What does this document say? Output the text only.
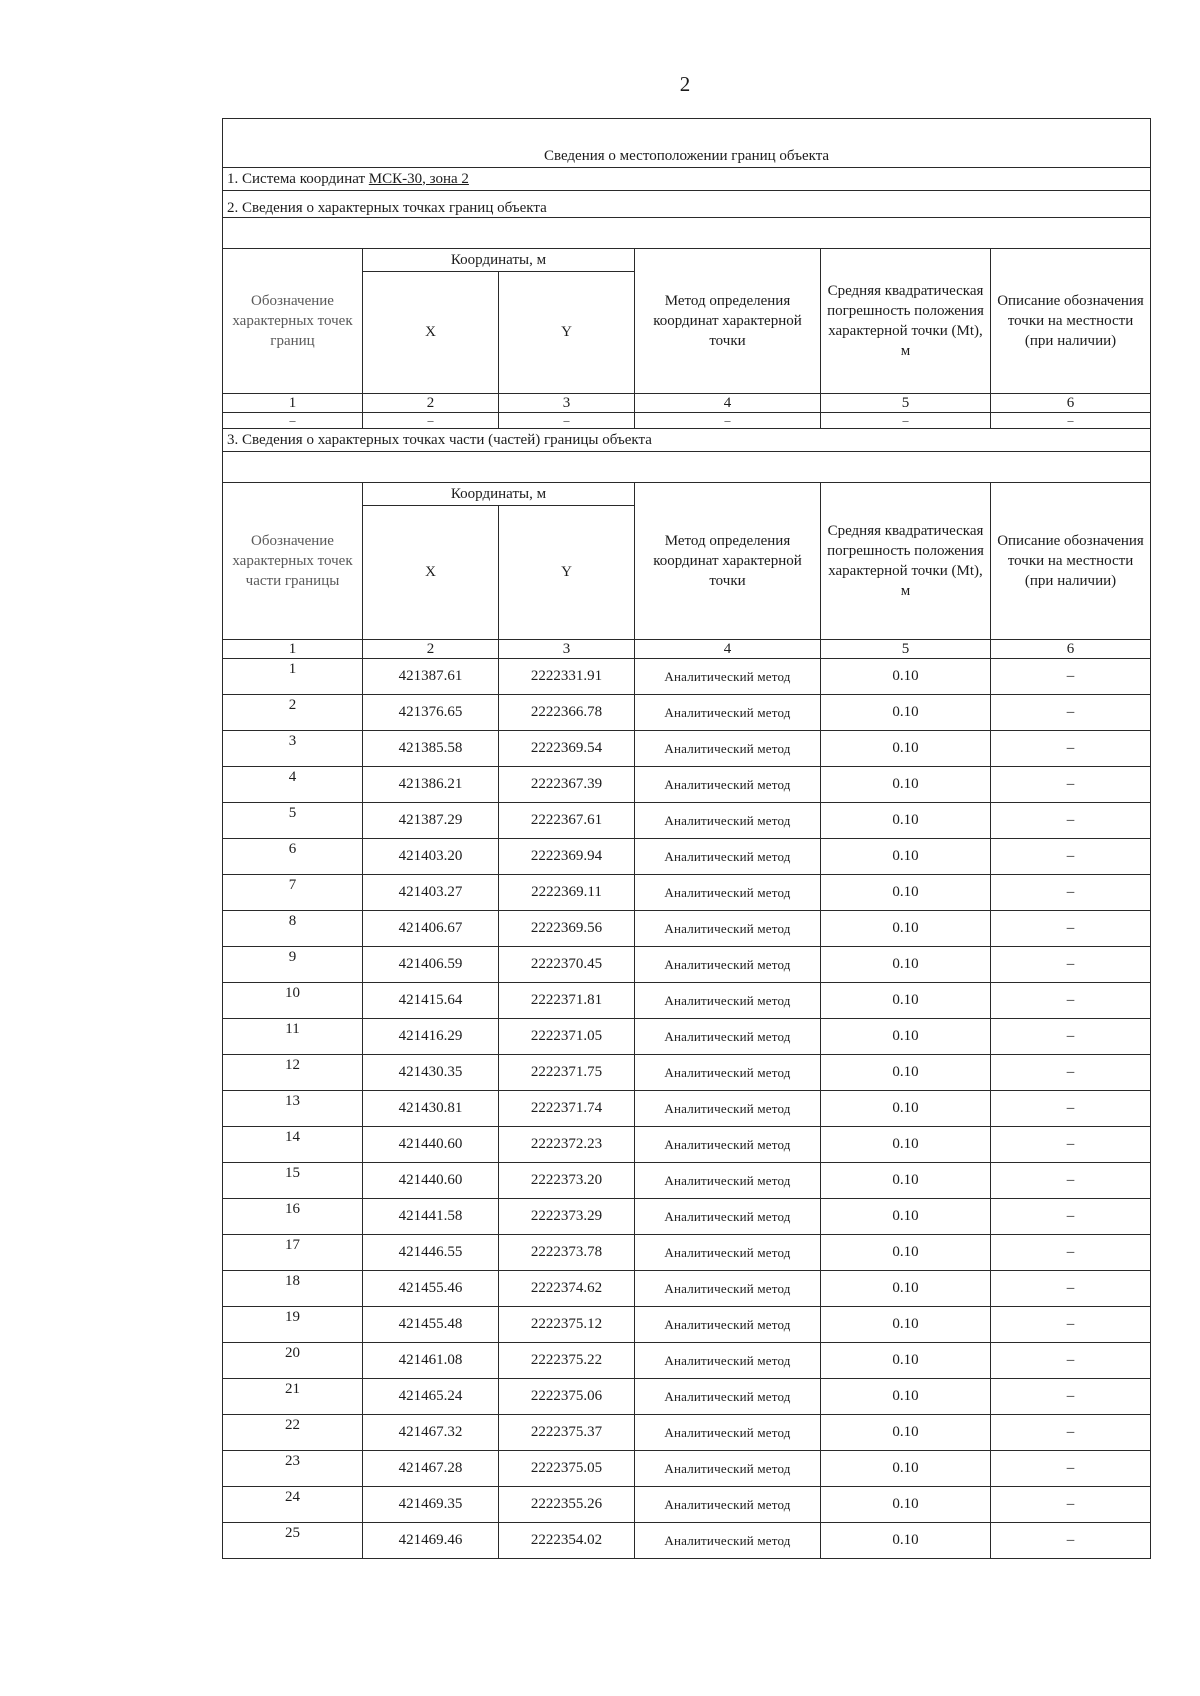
2
Сведения о местоположении границ объекта					
1. Система координат МСК-30, зона 2					
2. Сведения о характерных точках границ объекта					

Обозначение характерных точек границ	Координаты, м		Метод определения координат характерной точки	Средняя квадратическая погрешность положения характерной точки (Mt), м	Описание обозначения точки на местности (при наличии)
	X	Y			
1	2	3	4	5	6
–	–	–	–	–	–
3. Сведения о характерных точках части (частей) границы объекта					

Обозначение характерных точек части границы	Координаты, м		Метод определения координат характерной точки	Средняя квадратическая погрешность положения характерной точки (Mt), м	Описание обозначения точки на местности (при наличии)
	X	Y			
1	2	3	4	5	6
1	421387.61	2222331.91	Аналитический метод	0.10	–
2	421376.65	2222366.78	Аналитический метод	0.10	–
3	421385.58	2222369.54	Аналитический метод	0.10	–
4	421386.21	2222367.39	Аналитический метод	0.10	–
5	421387.29	2222367.61	Аналитический метод	0.10	–
6	421403.20	2222369.94	Аналитический метод	0.10	–
7	421403.27	2222369.11	Аналитический метод	0.10	–
8	421406.67	2222369.56	Аналитический метод	0.10	–
9	421406.59	2222370.45	Аналитический метод	0.10	–
10	421415.64	2222371.81	Аналитический метод	0.10	–
11	421416.29	2222371.05	Аналитический метод	0.10	–
12	421430.35	2222371.75	Аналитический метод	0.10	–
13	421430.81	2222371.74	Аналитический метод	0.10	–
14	421440.60	2222372.23	Аналитический метод	0.10	–
15	421440.60	2222373.20	Аналитический метод	0.10	–
16	421441.58	2222373.29	Аналитический метод	0.10	–
17	421446.55	2222373.78	Аналитический метод	0.10	–
18	421455.46	2222374.62	Аналитический метод	0.10	–
19	421455.48	2222375.12	Аналитический метод	0.10	–
20	421461.08	2222375.22	Аналитический метод	0.10	–
21	421465.24	2222375.06	Аналитический метод	0.10	–
22	421467.32	2222375.37	Аналитический метод	0.10	–
23	421467.28	2222375.05	Аналитический метод	0.10	–
24	421469.35	2222355.26	Аналитический метод	0.10	–
25	421469.46	2222354.02	Аналитический метод	0.10	–
